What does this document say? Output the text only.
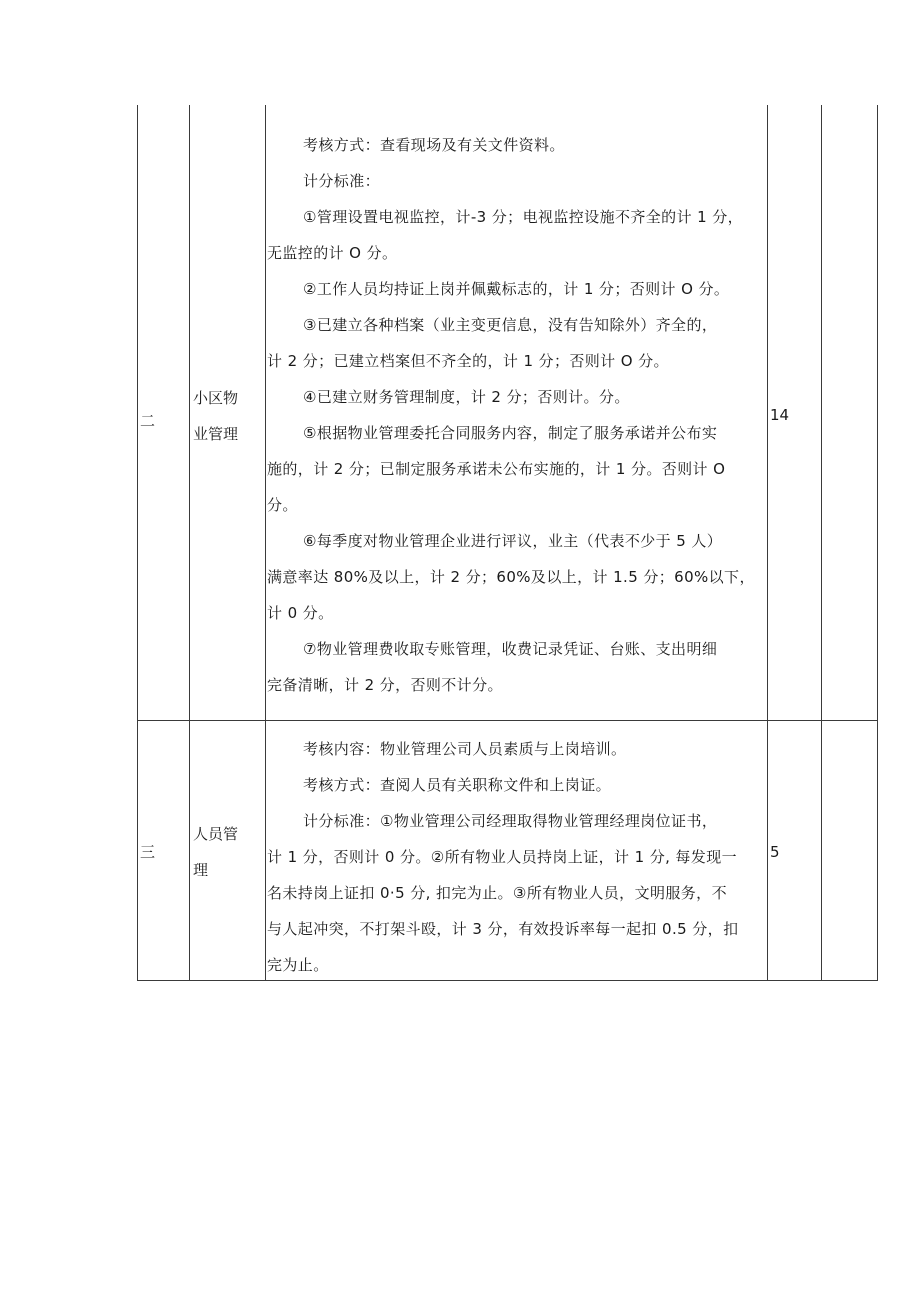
二
小区物
业管理
14

考核方式：查看现场及有关文件资料。

计分标准：

①管理设置电视监控，计-3 分；电视监控设施不齐全的计 1 分，

无监控的计 O 分。

②工作人员均持证上岗并佩戴标志的，计 1 分；否则计 O 分。

③已建立各种档案（业主变更信息，没有告知除外）齐全的，

计 2 分；已建立档案但不齐全的，计 1 分；否则计 O 分。

④已建立财务管理制度，计 2 分；否则计。分。

⑤根据物业管理委托合同服务内容，制定了服务承诺并公布实

施的，计 2 分；已制定服务承诺未公布实施的，计 1 分。否则计 O

分。

⑥每季度对物业管理企业进行评议，业主（代表不少于 5 人）

满意率达 80%及以上，计 2 分；60%及以上，计 1.5 分；60%以下，

计 0 分。

⑦物业管理费收取专账管理，收费记录凭证、台账、支出明细

完备清晰，计 2 分，否则不计分。

三
人员管
理
5

考核内容：物业管理公司人员素质与上岗培训。

考核方式：查阅人员有关职称文件和上岗证。

计分标准：①物业管理公司经理取得物业管理经理岗位证书，

计 1 分，否则计 0 分。②所有物业人员持岗上证，计 1 分, 每发现一

名未持岗上证扣 0·5 分, 扣完为止。③所有物业人员，文明服务，不

与人起冲突，不打架斗殴，计 3 分，有效投诉率每一起扣 0.5 分，扣

完为止。
